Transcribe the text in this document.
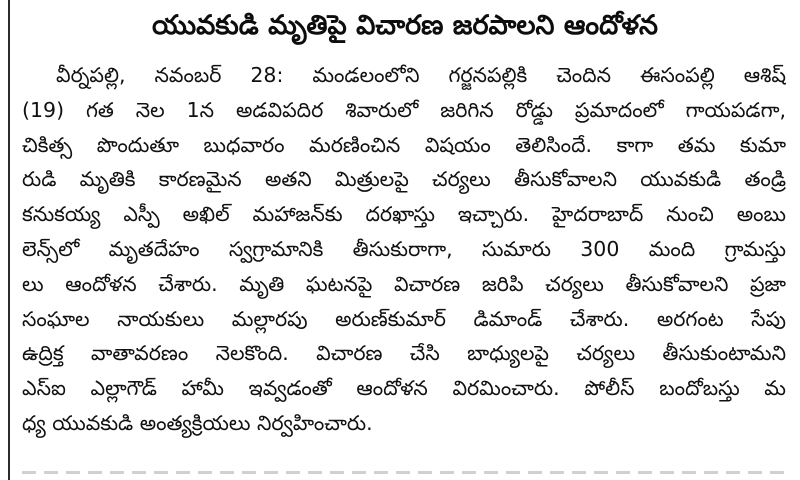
యువకుడి మృతిపై విచారణ జరపాలని ఆందోళన
వీర్నపల్లి, నవంబర్ 28: మండలంలోని గర్జనపల్లికి చెందిన ఈసంపల్లి ఆశిష్
(19) గత నెల 1న అడవిపదిర శివారులో జరిగిన రోడ్డు ప్రమాదంలో గాయపడగా,
చికిత్స పొందుతూ బుధవారం మరణించిన విషయం తెలిసిందే. కాగా తమ కుమా
రుడి మృతికి కారణమైన అతని మిత్రులపై చర్యలు తీసుకోవాలని యువకుడి తండ్రి
కనుకయ్య ఎస్పీ అఖిల్ మహాజన్‌కు దరఖాస్తు ఇచ్చారు. హైదరాబాద్ నుంచి అంబు
లెన్స్‌లో మృతదేహం స్వగ్రామానికి తీసుకురాగా, సుమారు 300 మంది గ్రామస్తు
లు ఆందోళన చేశారు. మృతి ఘటనపై విచారణ జరిపి చర్యలు తీసుకోవాలని ప్రజా
సంఘాల నాయకులు మల్లారపు అరుణ్‌కుమార్ డిమాండ్ చేశారు. అరగంట సేపు
ఉద్రిక్త వాతావరణం నెలకొంది. విచారణ చేసి బాధ్యులపై చర్యలు తీసుకుంటామని
ఎస్ఐ ఎల్లాగౌడ్ హామీ ఇవ్వడంతో ఆందోళన విరమించారు. పోలీస్ బందోబస్తు మ
ధ్య యువకుడి అంత్యక్రియలు నిర్వహించారు.
